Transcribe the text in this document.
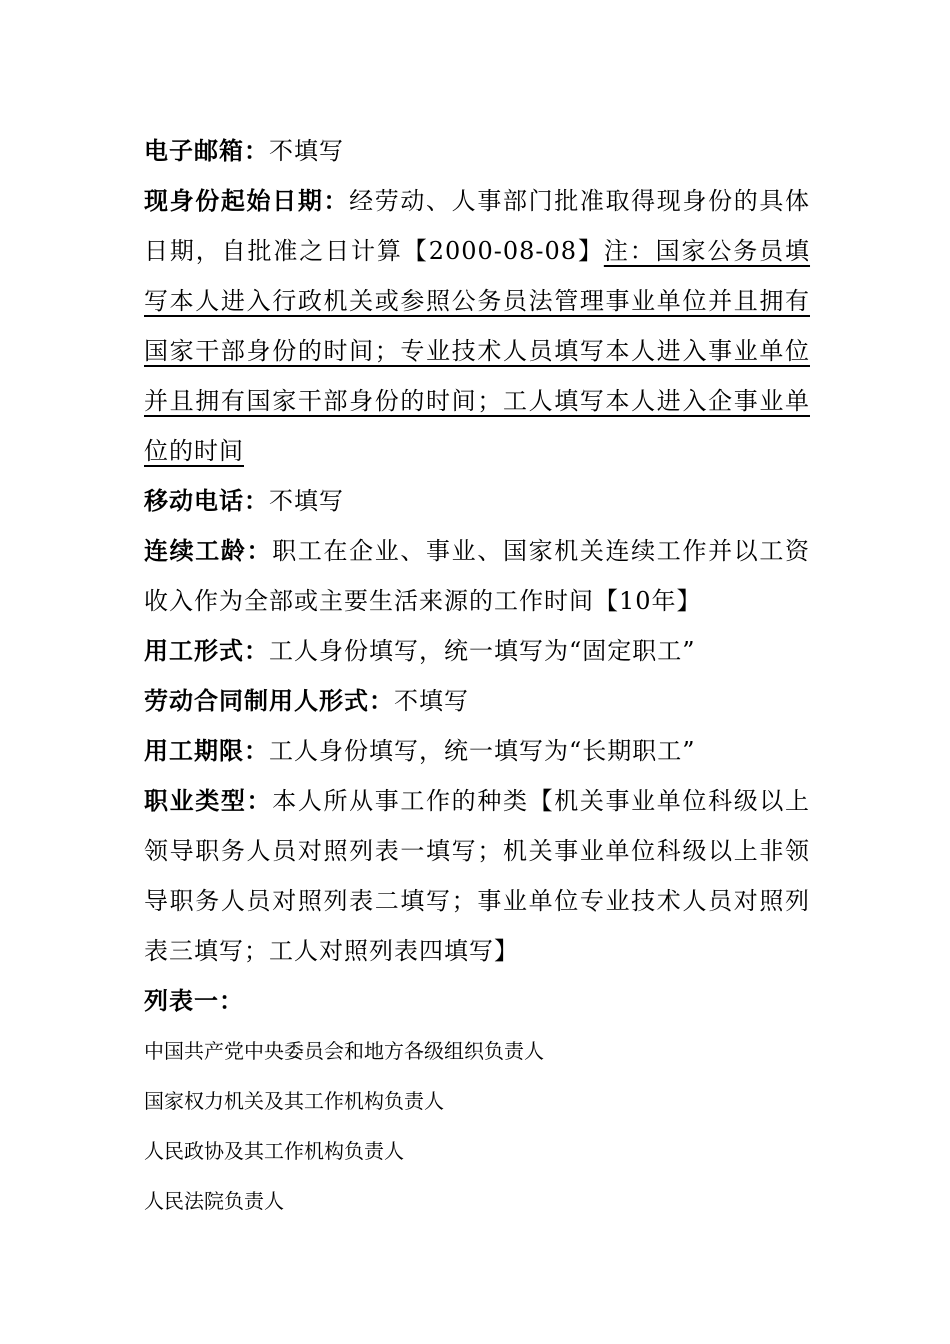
电子邮箱：不填写

现身份起始日期：经劳动、人事部门批准取得现身份的具体日期，自批准之日计算【2000-08-08】注：国家公务员填写本人进入行政机关或参照公务员法管理事业单位并且拥有国家干部身份的时间；专业技术人员填写本人进入事业单位并且拥有国家干部身份的时间；工人填写本人进入企事业单位的时间

移动电话：不填写

连续工龄：职工在企业、事业、国家机关连续工作并以工资收入作为全部或主要生活来源的工作时间【10年】

用工形式：工人身份填写，统一填写为“固定职工”

劳动合同制用人形式：不填写

用工期限：工人身份填写，统一填写为“长期职工”

职业类型：本人所从事工作的种类【机关事业单位科级以上领导职务人员对照列表一填写；机关事业单位科级以上非领导职务人员对照列表二填写；事业单位专业技术人员对照列表三填写；工人对照列表四填写】

列表一：

中国共产党中央委员会和地方各级组织负责人
国家权力机关及其工作机构负责人
人民政协及其工作机构负责人
人民法院负责人
